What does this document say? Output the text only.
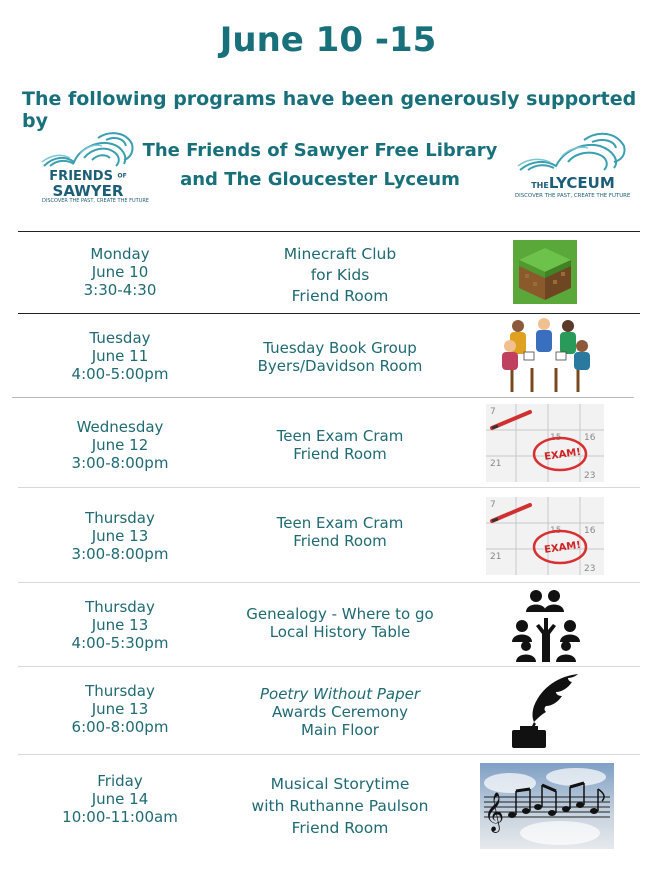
June 10 -15
The following programs have been generously supported by
FRIENDS OF
SAWYER
DISCOVER THE PAST, CREATE THE FUTURE
The Friends of Sawyer Free Library
and The Gloucester Lyceum	THELYCEUM
DISCOVER THE PAST, CREATE THE FUTURE
Monday
June 10
3:30-4:30
Minecraft Club
for Kids
Friend Room
Tuesday
June 11
4:00-5:00pm
Tuesday Book Group
Byers/Davidson Room
Wednesday
June 12
3:00-8:00pm
Teen Exam Cram
Friend Room
7
16
23
21
15
EXAM!
Thursday
June 13
3:00-8:00pm
Teen Exam Cram
Friend Room
7
16
23
21
15
EXAM!
Thursday
June 13
4:00-5:30pm
Genealogy - Where to go
Local History Table
Thursday
June 13
6:00-8:00pm
Poetry Without Paper
Awards Ceremony
Main Floor
Friday
June 14
10:00-11:00am
Musical Storytime
with Ruthanne Paulson
Friend Room	𝄞
